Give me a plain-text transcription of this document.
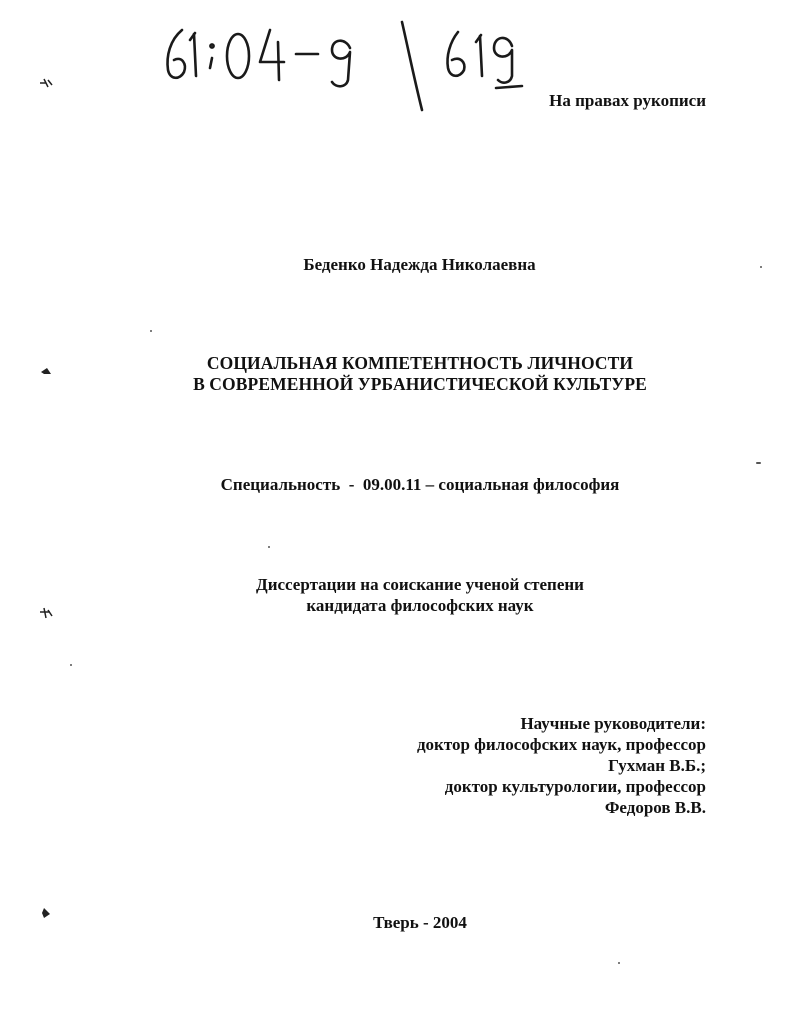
На правах рукописи
Беденко Надежда Николаевна
СОЦИАЛЬНАЯ КОМПЕТЕНТНОСТЬ ЛИЧНОСТИ
В СОВРЕМЕННОЙ УРБАНИСТИЧЕСКОЙ КУЛЬТУРЕ
Специальность  -  09.00.11 – социальная философия
Диссертации на соискание ученой степени
кандидата философских наук
Научные руководители:
доктор философских наук, профессор
Гухман В.Б.;
доктор культурологии, профессор
Федоров В.В.
Тверь - 2004
